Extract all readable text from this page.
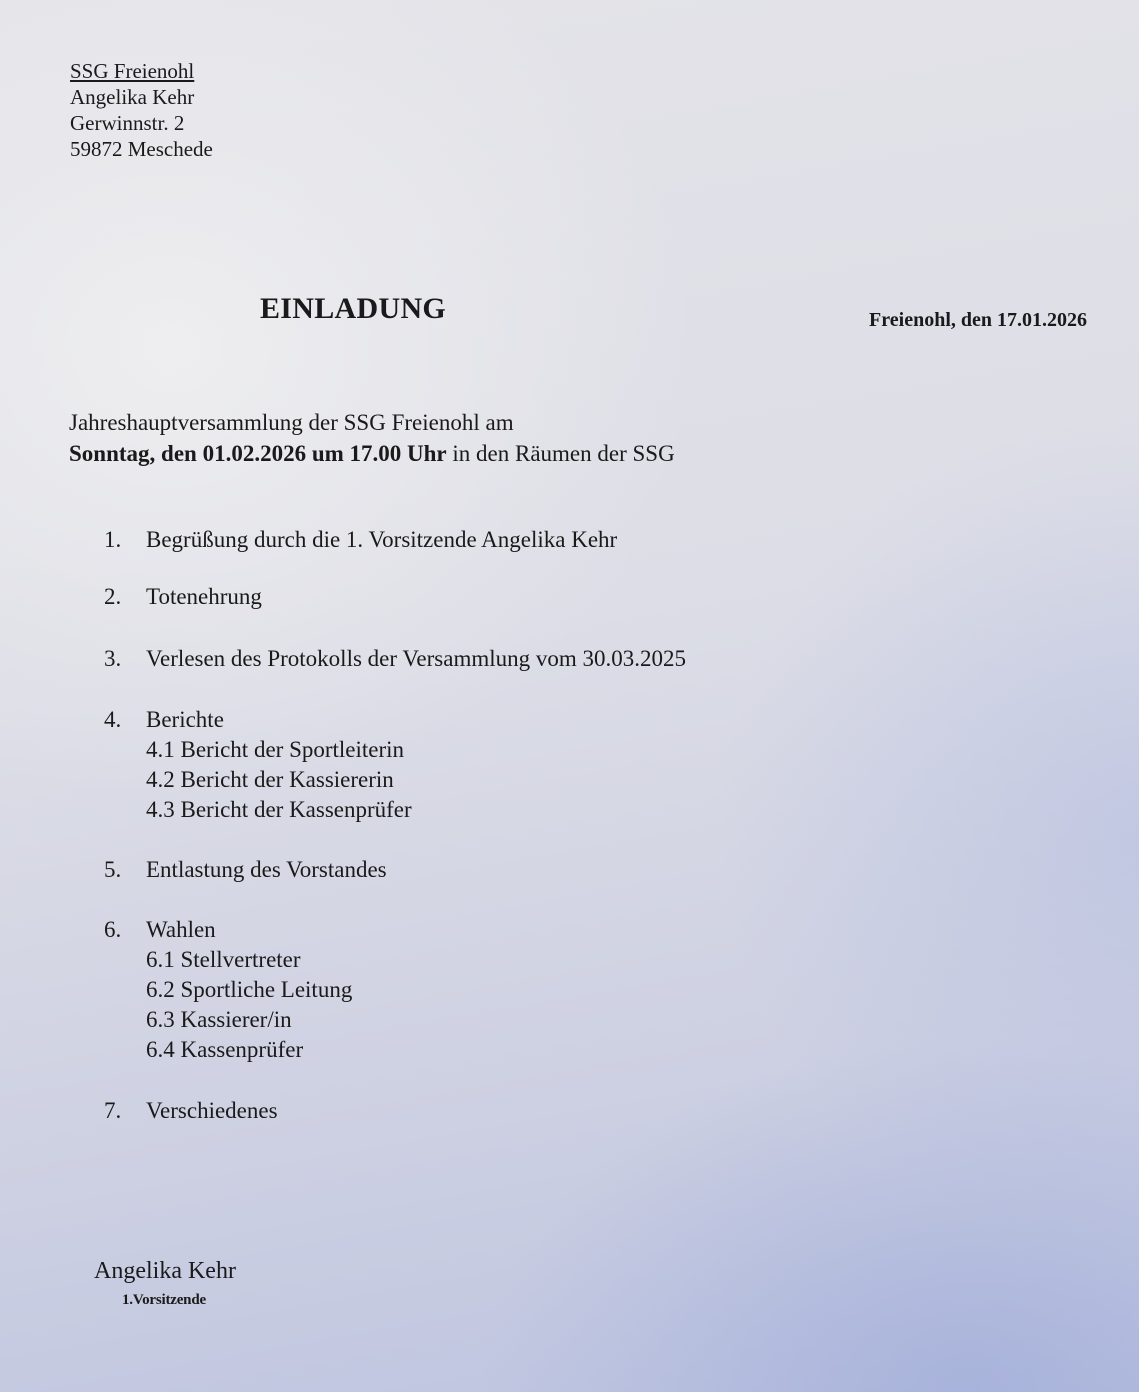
SSG Freienohl
Angelika Kehr
Gerwinnstr. 2
59872 Meschede
EINLADUNG	Freienohl, den 17.01.2026
Jahreshauptversammlung der SSG Freienohl am
Sonntag, den 01.02.2026 um 17.00 Uhr in den Räumen der SSG
1. Begrüßung durch die 1. Vorsitzende Angelika Kehr
2. Totenehrung
3. Verlesen des Protokolls der Versammlung vom 30.03.2025
4. Berichte
4.1 Bericht der Sportleiterin
4.2 Bericht der Kassiererin
4.3 Bericht der Kassenprüfer
5. Entlastung des Vorstandes
6. Wahlen
6.1 Stellvertreter
6.2 Sportliche Leitung
6.3 Kassierer/in
6.4 Kassenprüfer
7. Verschiedenes
Angelika Kehr
1.Vorsitzende
